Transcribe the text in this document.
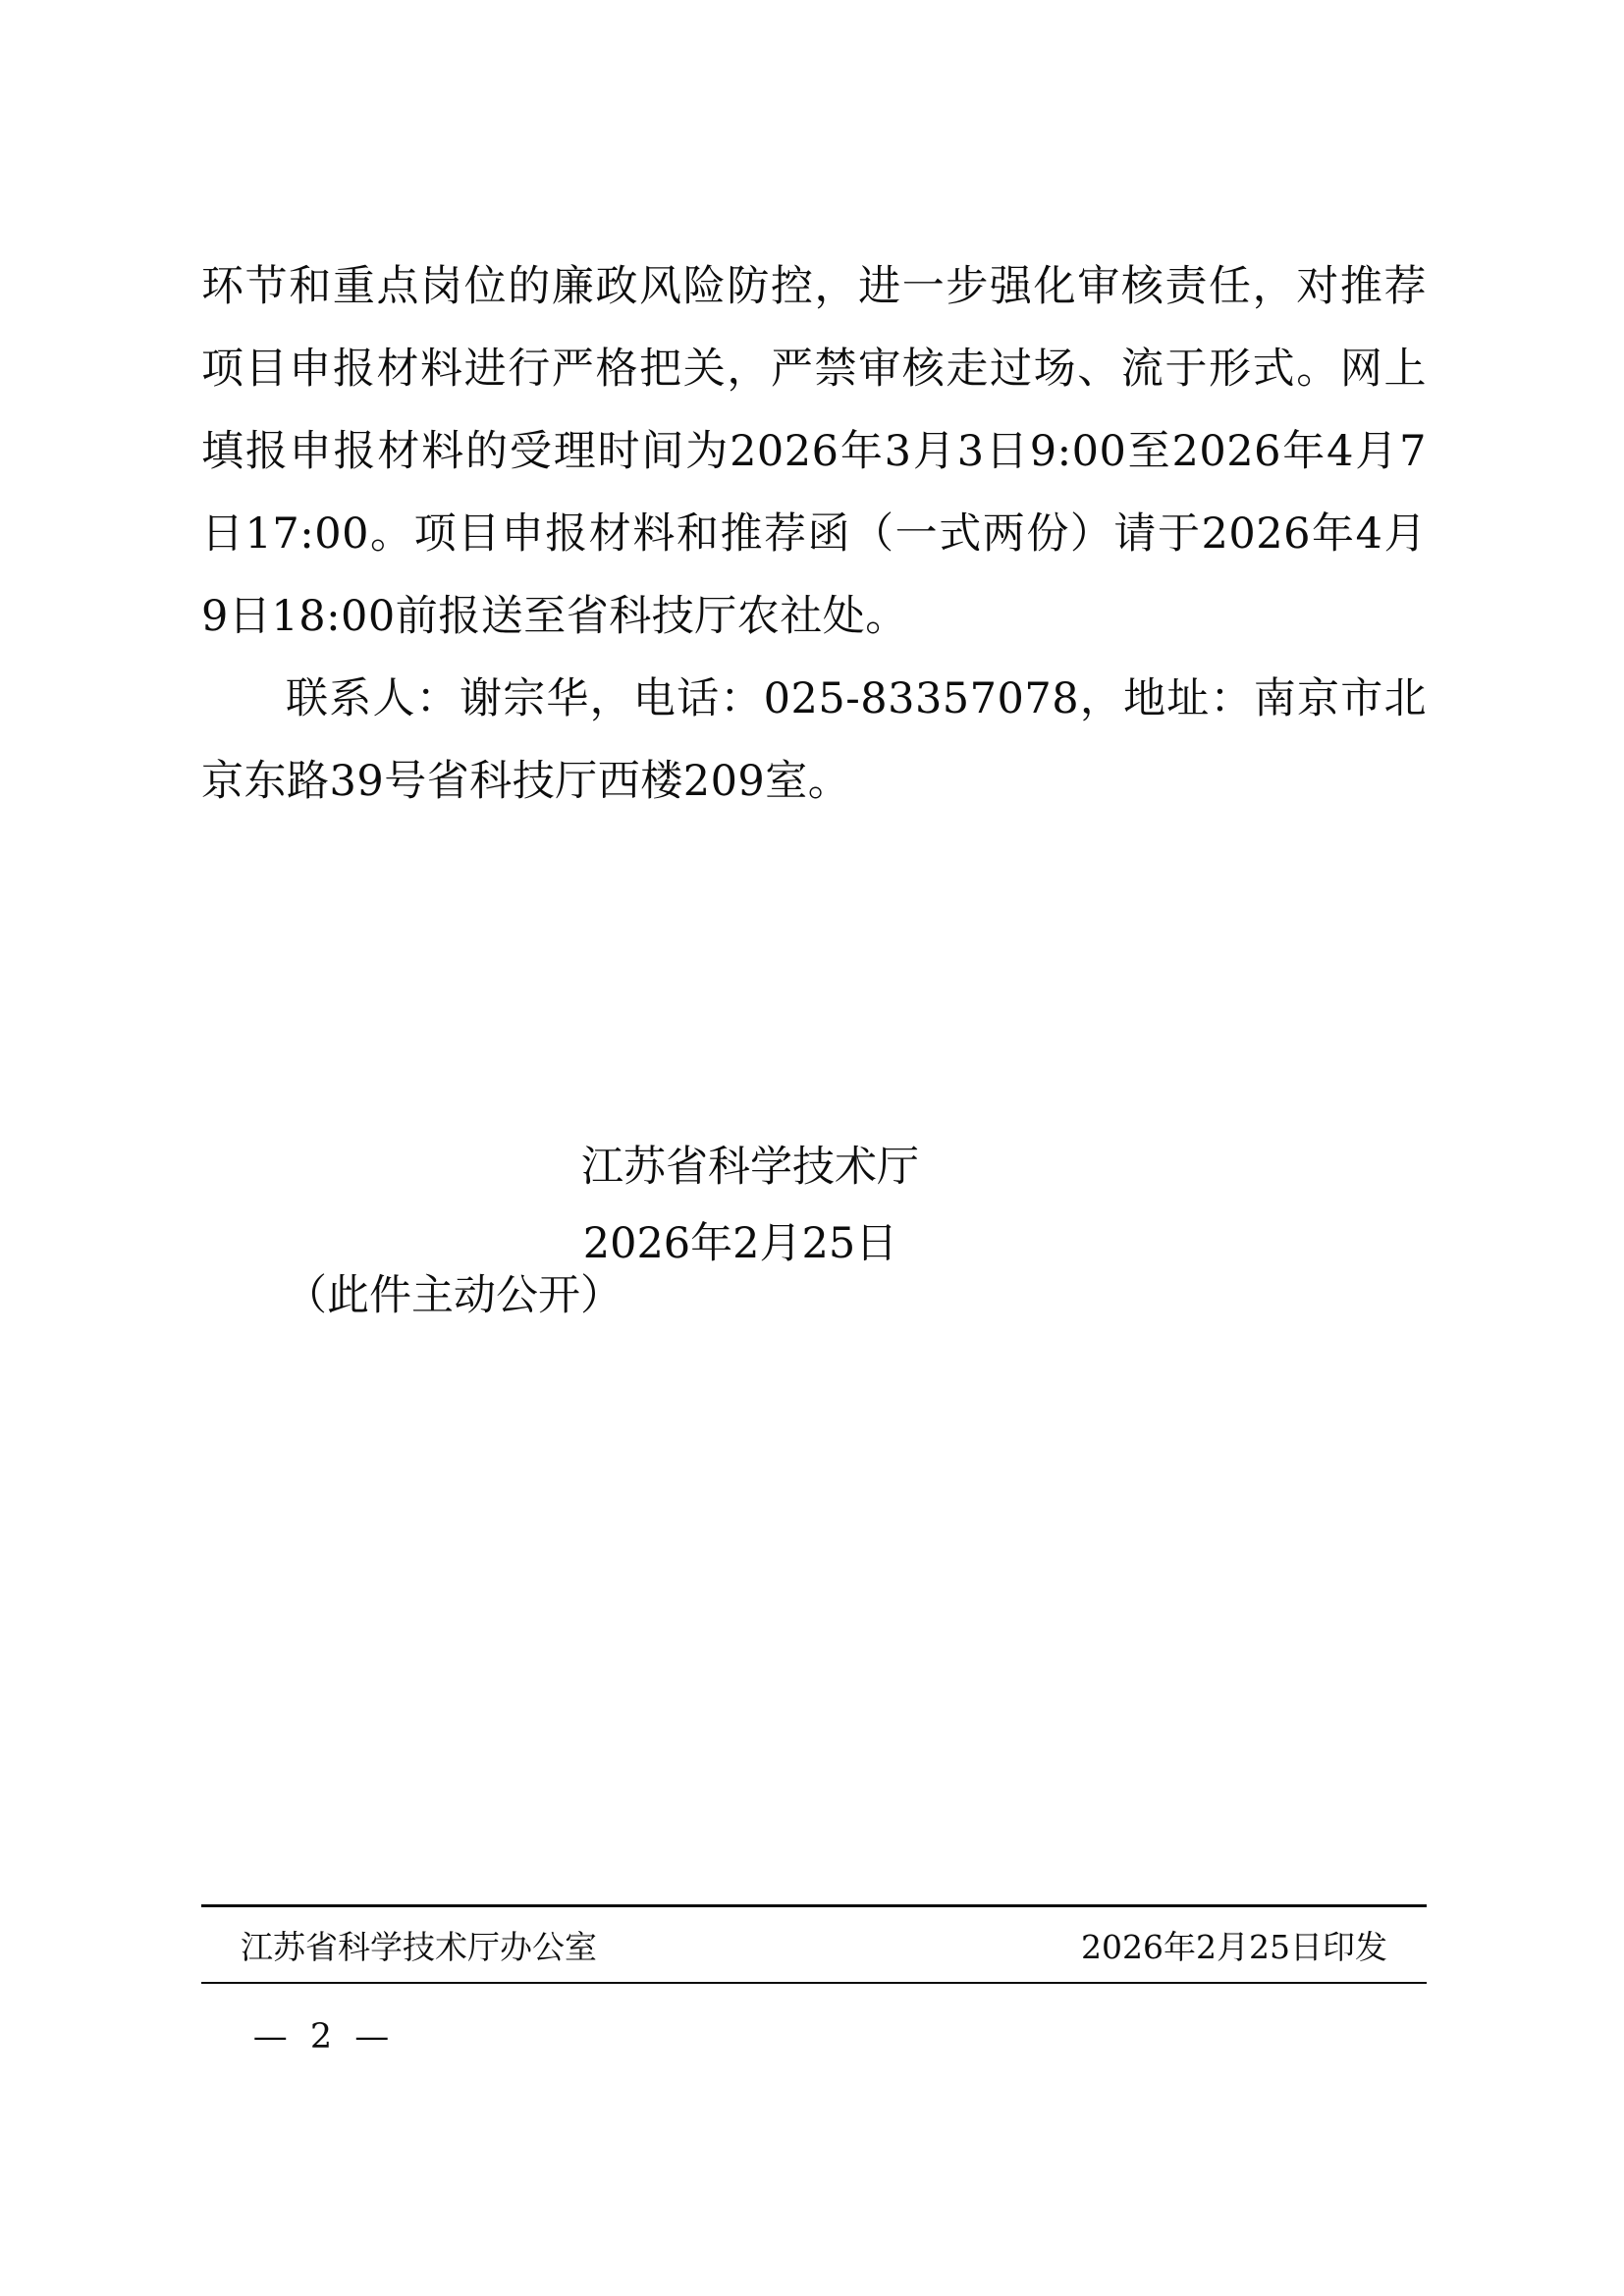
环节和重点岗位的廉政风险防控，进一步强化审核责任，对推荐项目申报材料进行严格把关，严禁审核走过场、流于形式。网上填报申报材料的受理时间为2026年3月3日9:00至2026年4月7日17:00。项目申报材料和推荐函（一式两份）请于2026年4月9日18:00前报送至省科技厅农社处。

联系人：谢宗华，电话：025-83357078，地址：南京市北京东路39号省科技厅西楼209室。

江苏省科学技术厅

2026年2月25日

（此件主动公开）
江苏省科学技术厅办公室	2026年2月25日印发
— 2 —
